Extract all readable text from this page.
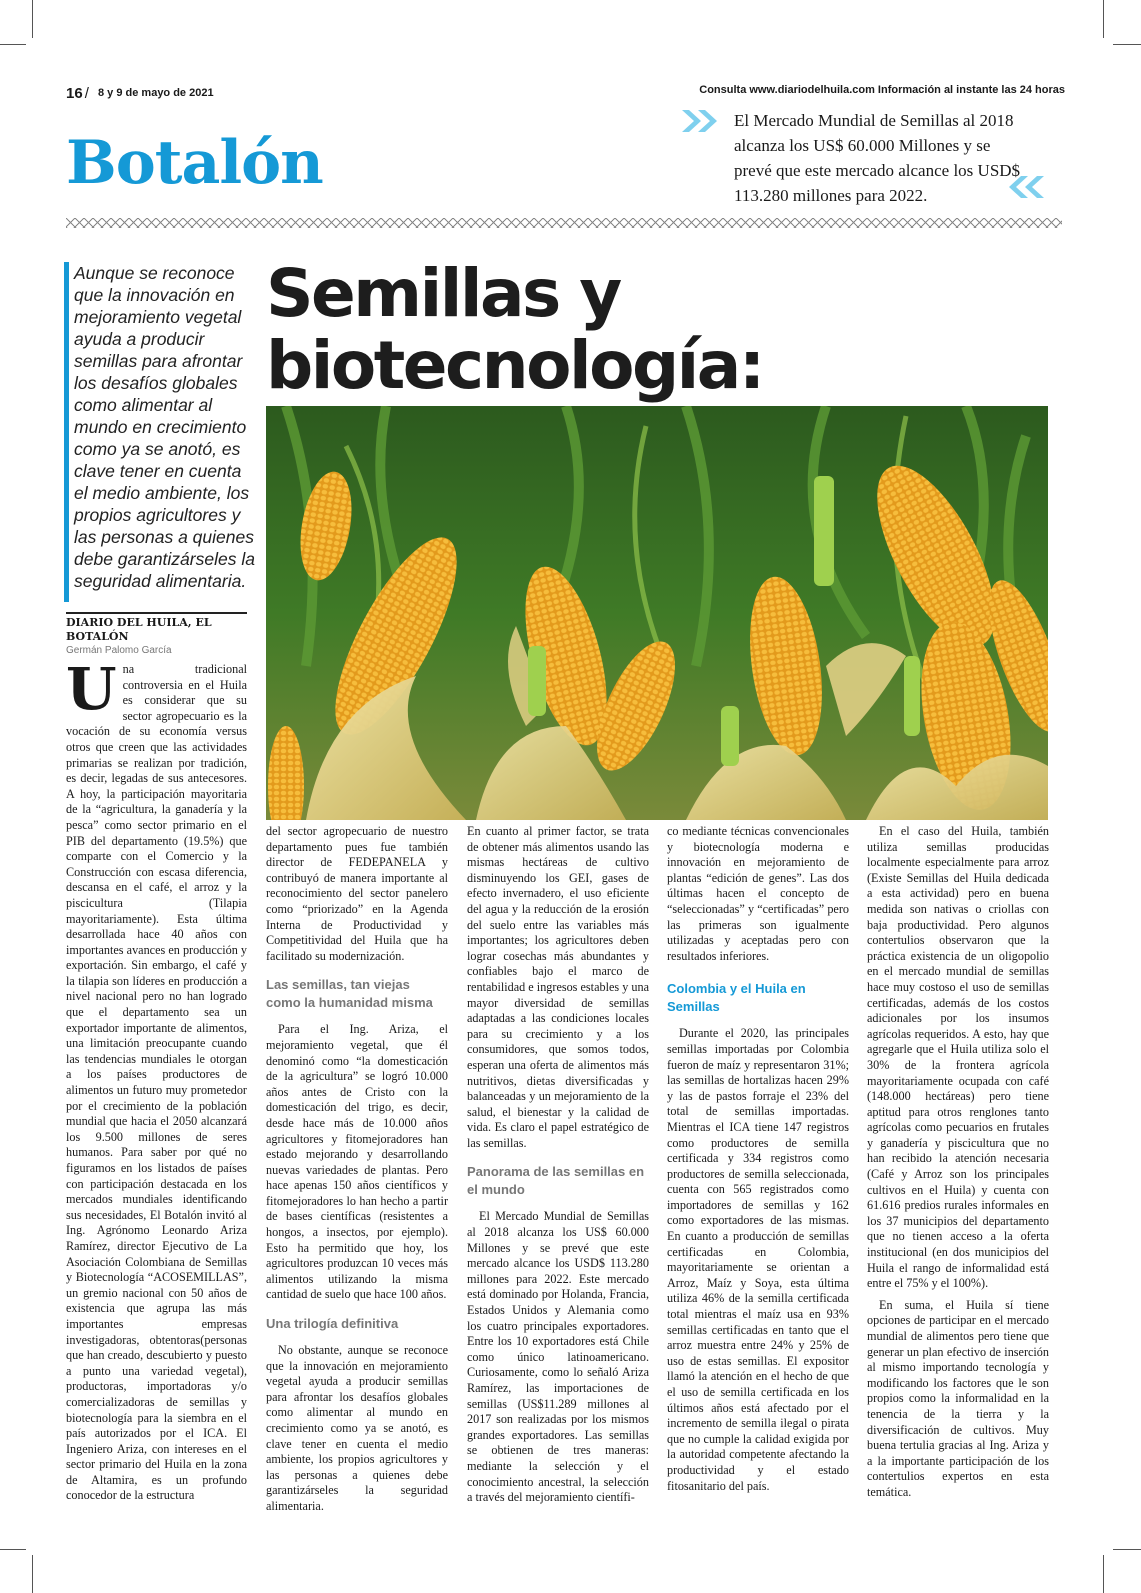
16 / 8 y 9 de mayo de 2021	Consulta www.diariodelhuila.com Información al instante las 24 horas
Botalón
El Mercado Mundial de Semillas al 2018 alcanza los US$ 60.000 Millones y se prevé que este mercado alcance los USD$ 113.280 millones para 2022.
Aunque se reconoce que la innovación en mejoramiento vegetal ayuda a producir semillas para afrontar los desafíos globales como alimentar al mundo en crecimiento como ya se anotó, es clave tener en cuenta el medio ambiente, los propios agricultores y las personas a quienes debe garantizárseles la seguridad alimentaria.
Semillas y biotecnología:
DIARIO DEL HUILA, EL BOTALÓN
Germán Palomo García
U na tradicional controversia en el Huila es considerar que su sector agropecuario es la vocación de su economía versus otros que creen que las actividades primarias se realizan por tradición, es decir, legadas de sus antecesores. A hoy, la participación mayoritaria de la “agricultura, la ganadería y la pesca” como sector primario en el PIB del departamento (19.5%) que comparte con el Comercio y la Construcción con escasa diferencia, descansa en el café, el arroz y la piscicultura (Tilapia mayoritariamente). Esta última desarrollada hace 40 años con importantes avances en producción y exportación. Sin embargo, el café y la tilapia son líderes en producción a nivel nacional pero no han logrado que el departamento sea un exportador importante de alimentos, una limitación preocupante cuando las tendencias mundiales le otorgan a los países productores de alimentos un futuro muy prometedor por el crecimiento de la población mundial que hacia el 2050 alcanzará los 9.500 millones de seres humanos. Para saber por qué no figuramos en los listados de países con participación destacada en los mercados mundiales identificando sus necesidades, El Botalón invitó al Ing. Agrónomo Leonardo Ariza Ramírez, director Ejecutivo de La Asociación Colombiana de Semillas y Biotecnología “ACOSEMILLAS”, un gremio nacional con 50 años de existencia que agrupa las más importantes empresas investigadoras, obtentoras(personas que han creado, descubierto y puesto a punto una variedad vegetal), productoras, importadoras y/o comercializadoras de semillas y biotecnología para la siembra en el país autorizados por el ICA. El Ingeniero Ariza, con intereses en el sector primario del Huila en la zona de Altamira, es un profundo conocedor de la estructura

del sector agropecuario de nuestro departamento pues fue también director de FEDEPANELA y contribuyó de manera importante al reconocimiento del sector panelero como “priorizado” en la Agenda Interna de Productividad y Competitividad del Huila que ha facilitado su modernización.

Las semillas, tan viejas como la humanidad misma

Para el Ing. Ariza, el mejoramiento vegetal, que él denominó como “la domesticación de la agricultura” se logró 10.000 años antes de Cristo con la domesticación del trigo, es decir, desde hace más de 10.000 años agricultores y fitomejoradores han estado mejorando y desarrollando nuevas variedades de plantas. Pero hace apenas 150 años científicos y fitomejoradores lo han hecho a partir de bases científicas (resistentes a hongos, a insectos, por ejemplo). Esto ha permitido que hoy, los agricultores produzcan 10 veces más alimentos utilizando la misma cantidad de suelo que hace 100 años.

Una trilogía definitiva

No obstante, aunque se reconoce que la innovación en mejoramiento vegetal ayuda a producir semillas para afrontar los desafíos globales como alimentar al mundo en crecimiento como ya se anotó, es clave tener en cuenta el medio ambiente, los propios agricultores y las personas a quienes debe garantizárseles la seguridad alimentaria.

En cuanto al primer factor, se trata de obtener más alimentos usando las mismas hectáreas de cultivo disminuyendo los GEI, gases de efecto invernadero, el uso eficiente del agua y la reducción de la erosión del suelo entre las variables más importantes; los agricultores deben lograr cosechas más abundantes y confiables bajo el marco de rentabilidad e ingresos estables y una mayor diversidad de semillas adaptadas a las condiciones locales para su crecimiento y a los consumidores, que somos todos, esperan una oferta de alimentos más nutritivos, dietas diversificadas y balanceadas y un mejoramiento de la salud, el bienestar y la calidad de vida. Es claro el papel estratégico de las semillas.

Panorama de las semillas en el mundo

El Mercado Mundial de Semillas al 2018 alcanza los US$ 60.000 Millones y se prevé que este mercado alcance los USD$ 113.280 millones para 2022. Este mercado está dominado por Holanda, Francia, Estados Unidos y Alemania como los cuatro principales exportadores. Entre los 10 exportadores está Chile como único latinoamericano. Curiosamente, como lo señaló Ariza Ramírez, las importaciones de semillas (US$11.289 millones al 2017 son realizadas por los mismos grandes exportadores. Las semillas se obtienen de tres maneras: mediante la selección y el conocimiento ancestral, la selección a través del mejoramiento científi-

co mediante técnicas convencionales y biotecnología moderna e innovación en mejoramiento de plantas “edición de genes”. Las dos últimas hacen el concepto de “seleccionadas” y “certificadas” pero las primeras son igualmente utilizadas y aceptadas pero con resultados inferiores.

Colombia y el Huila en Semillas

Durante el 2020, las principales semillas importadas por Colombia fueron de maíz y representaron 31%; las semillas de hortalizas hacen 29% y las de pastos forraje el 23% del total de semillas importadas. Mientras el ICA tiene 147 registros como productores de semilla certificada y 334 registros como productores de semilla seleccionada, cuenta con 565 registrados como importadores de semillas y 162 como exportadores de las mismas. En cuanto a producción de semillas certificadas en Colombia, mayoritariamente se orientan a Arroz, Maíz y Soya, esta última utiliza 46% de la semilla certificada total mientras el maíz usa en 93% semillas certificadas en tanto que el arroz muestra entre 24% y 25% de uso de estas semillas. El expositor llamó la atención en el hecho de que el uso de semilla certificada en los últimos años está afectado por el incremento de semilla ilegal o pirata que no cumple la calidad exigida por la autoridad competente afectando la productividad y el estado fitosanitario del país.

En el caso del Huila, también utiliza semillas producidas localmente especialmente para arroz (Existe Semillas del Huila dedicada a esta actividad) pero en buena medida son nativas o criollas con baja productividad. Pero algunos contertulios observaron que la práctica existencia de un oligopolio en el mercado mundial de semillas hace muy costoso el uso de semillas certificadas, además de los costos adicionales por los insumos agrícolas requeridos. A esto, hay que agregarle que el Huila utiliza solo el 30% de la frontera agrícola mayoritariamente ocupada con café (148.000 hectáreas) pero tiene aptitud para otros renglones tanto agrícolas como pecuarios en frutales y ganadería y piscicultura que no han recibido la atención necesaria (Café y Arroz son los principales cultivos en el Huila) y cuenta con 61.616 predios rurales informales en los 37 municipios del departamento que no tienen acceso a la oferta institucional (en dos municipios del Huila el rango de informalidad está entre el 75% y el 100%).

En suma, el Huila sí tiene opciones de participar en el mercado mundial de alimentos pero tiene que generar un plan efectivo de inserción al mismo importando tecnología y modificando los factores que le son propios como la informalidad en la tenencia de la tierra y la diversificación de cultivos. Muy buena tertulia gracias al Ing. Ariza y a la importante participación de los contertulios expertos en esta temática.
